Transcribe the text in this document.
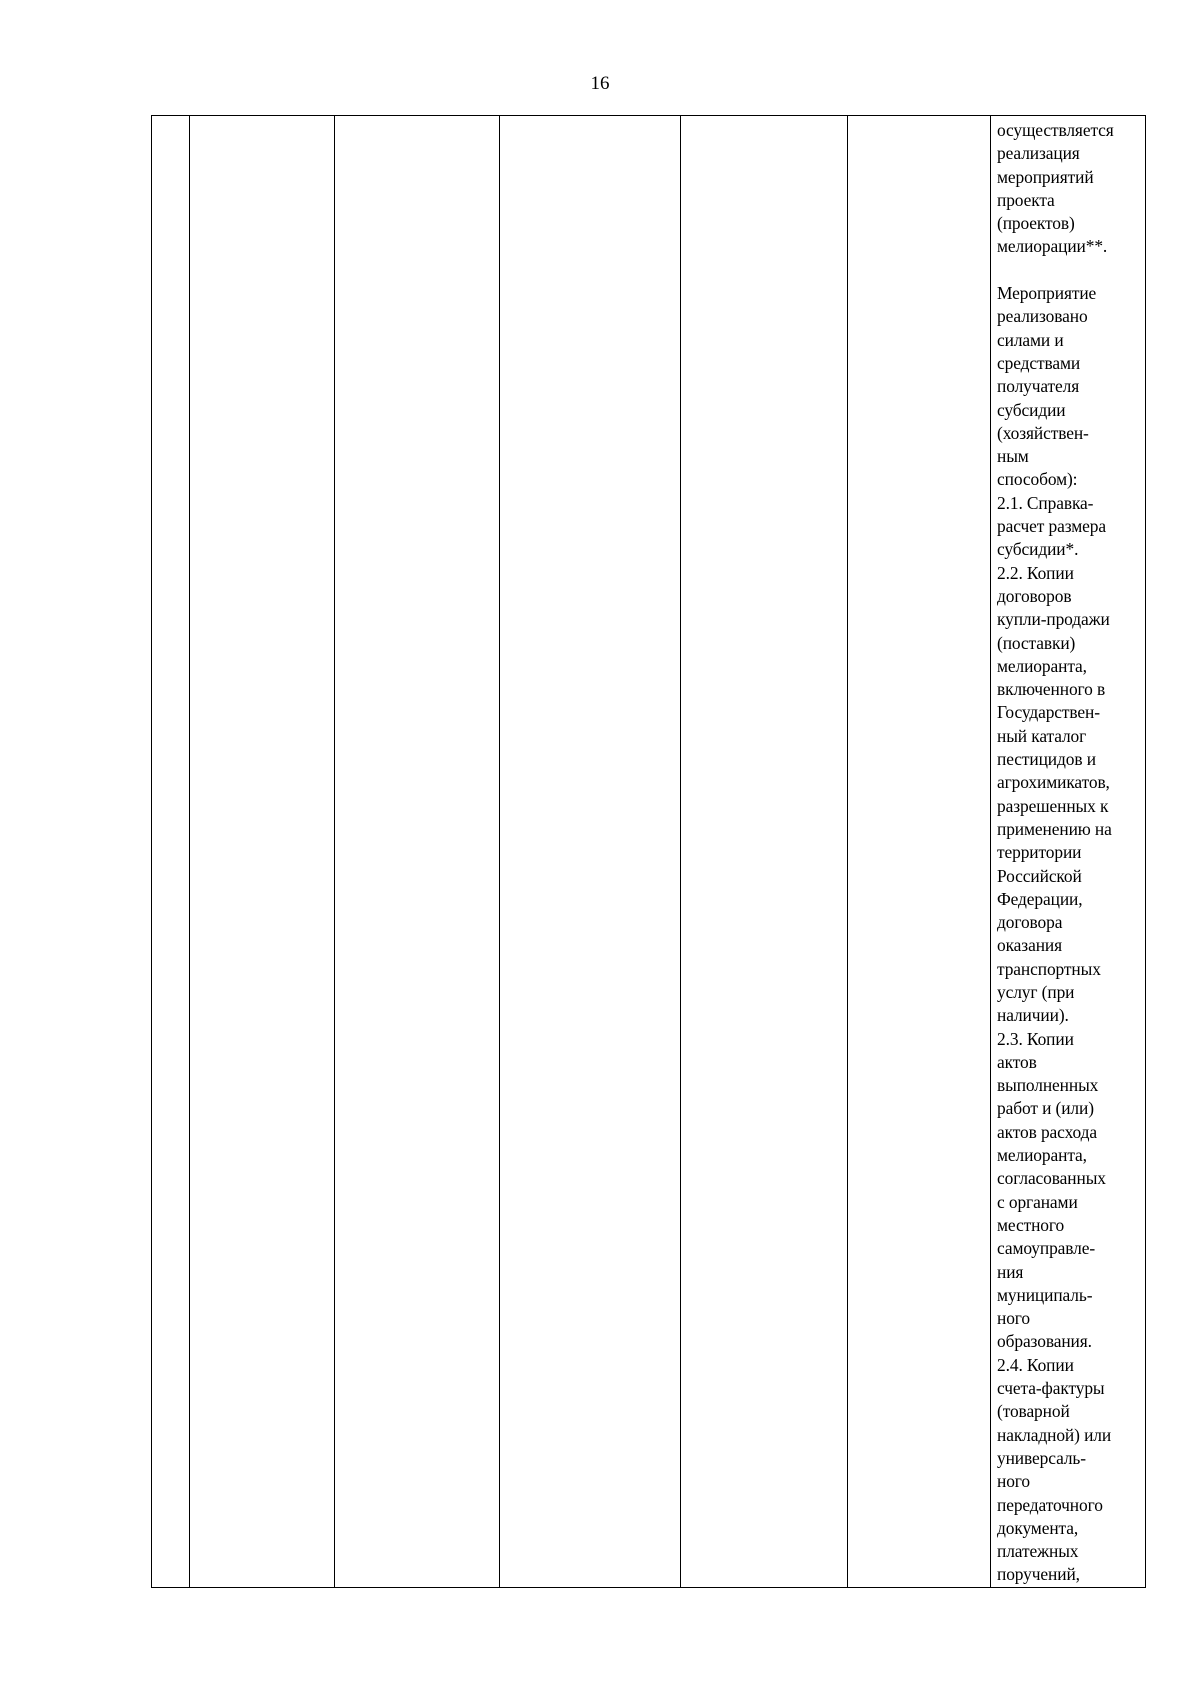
16

осуществляется
реализация
мероприятий
проекта
(проектов)
мелиорации**.

Мероприятие
реализовано
силами и
средствами
получателя
субсидии
(хозяйствен-
ным
способом):
2.1. Справка-
расчет размера
субсидии*.
2.2. Копии
договоров
купли-продажи
(поставки)
мелиоранта,
включенного в
Государствен-
ный каталог
пестицидов и
агрохимикатов,
разрешенных к
применению на
территории
Российской
Федерации,
договора
оказания
транспортных
услуг (при
наличии).
2.3. Копии
актов
выполненных
работ и (или)
актов расхода
мелиоранта,
согласованных
с органами
местного
самоуправле-
ния
муниципаль-
ного
образования.
2.4. Копии
счета-фактуры
(товарной
накладной) или
универсаль-
ного
передаточного
документа,
платежных
поручений,
